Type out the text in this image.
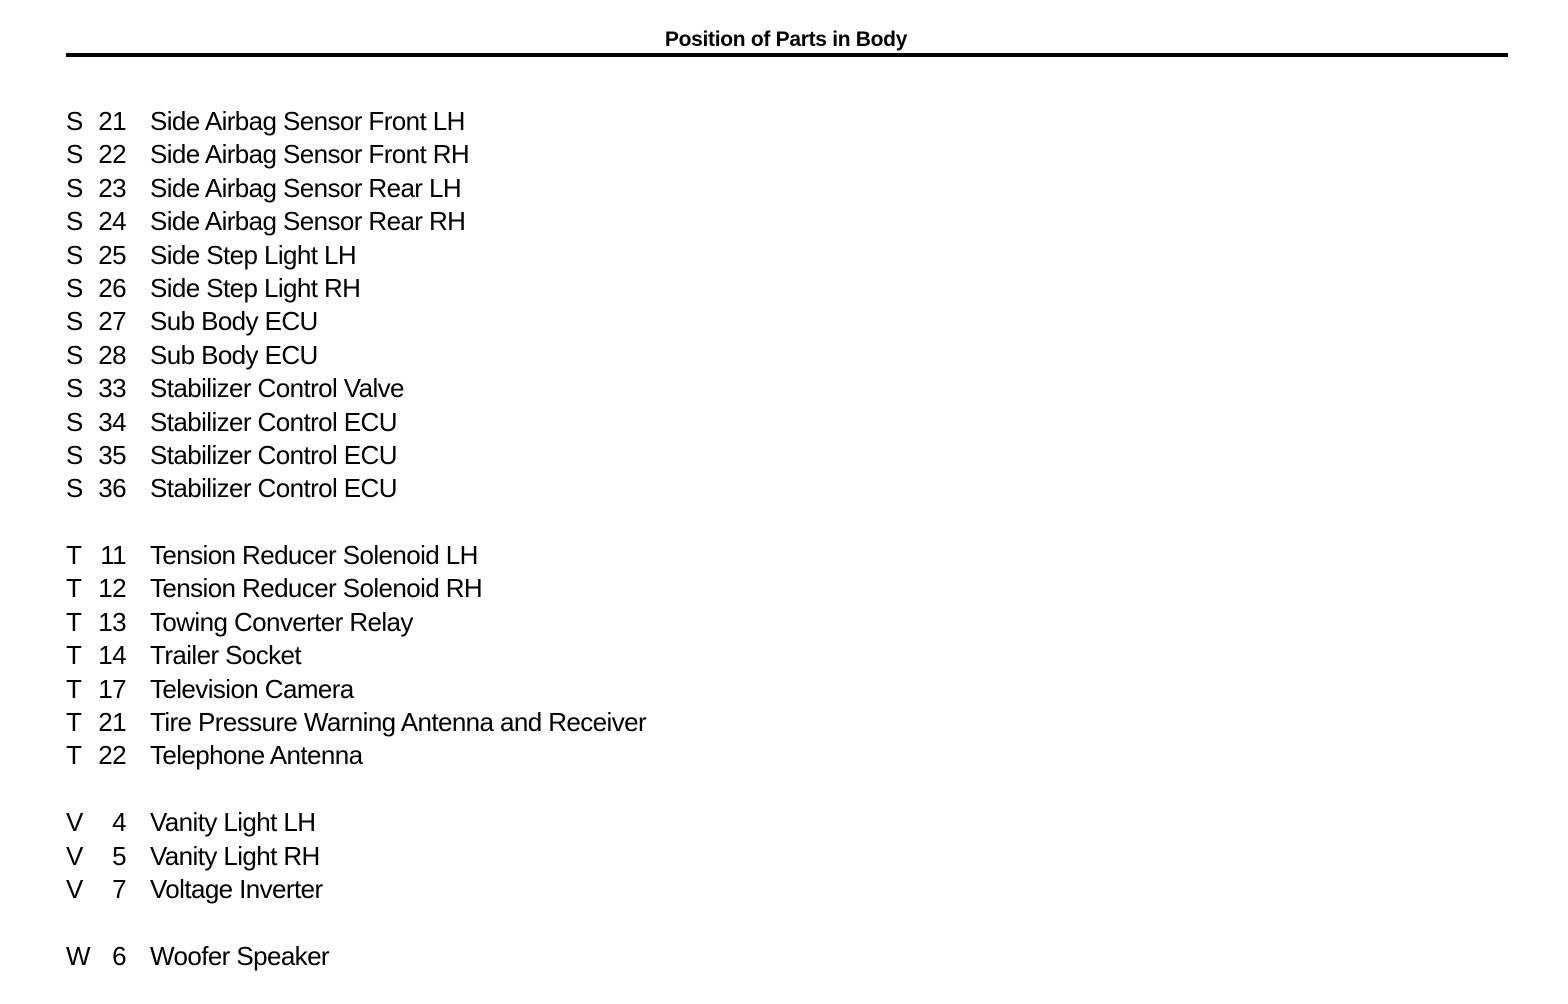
Position of Parts in Body
S 21 Side Airbag Sensor Front LH
S 22 Side Airbag Sensor Front RH
S 23 Side Airbag Sensor Rear LH
S 24 Side Airbag Sensor Rear RH
S 25 Side Step Light LH
S 26 Side Step Light RH
S 27 Sub Body ECU
S 28 Sub Body ECU
S 33 Stabilizer Control Valve
S 34 Stabilizer Control ECU
S 35 Stabilizer Control ECU
S 36 Stabilizer Control ECU
T 11 Tension Reducer Solenoid LH
T 12 Tension Reducer Solenoid RH
T 13 Towing Converter Relay
T 14 Trailer Socket
T 17 Television Camera
T 21 Tire Pressure Warning Antenna and Receiver
T 22 Telephone Antenna
V	4 Vanity Light LH
V	5 Vanity Light RH
V	7 Voltage Inverter
W 6 Woofer Speaker
